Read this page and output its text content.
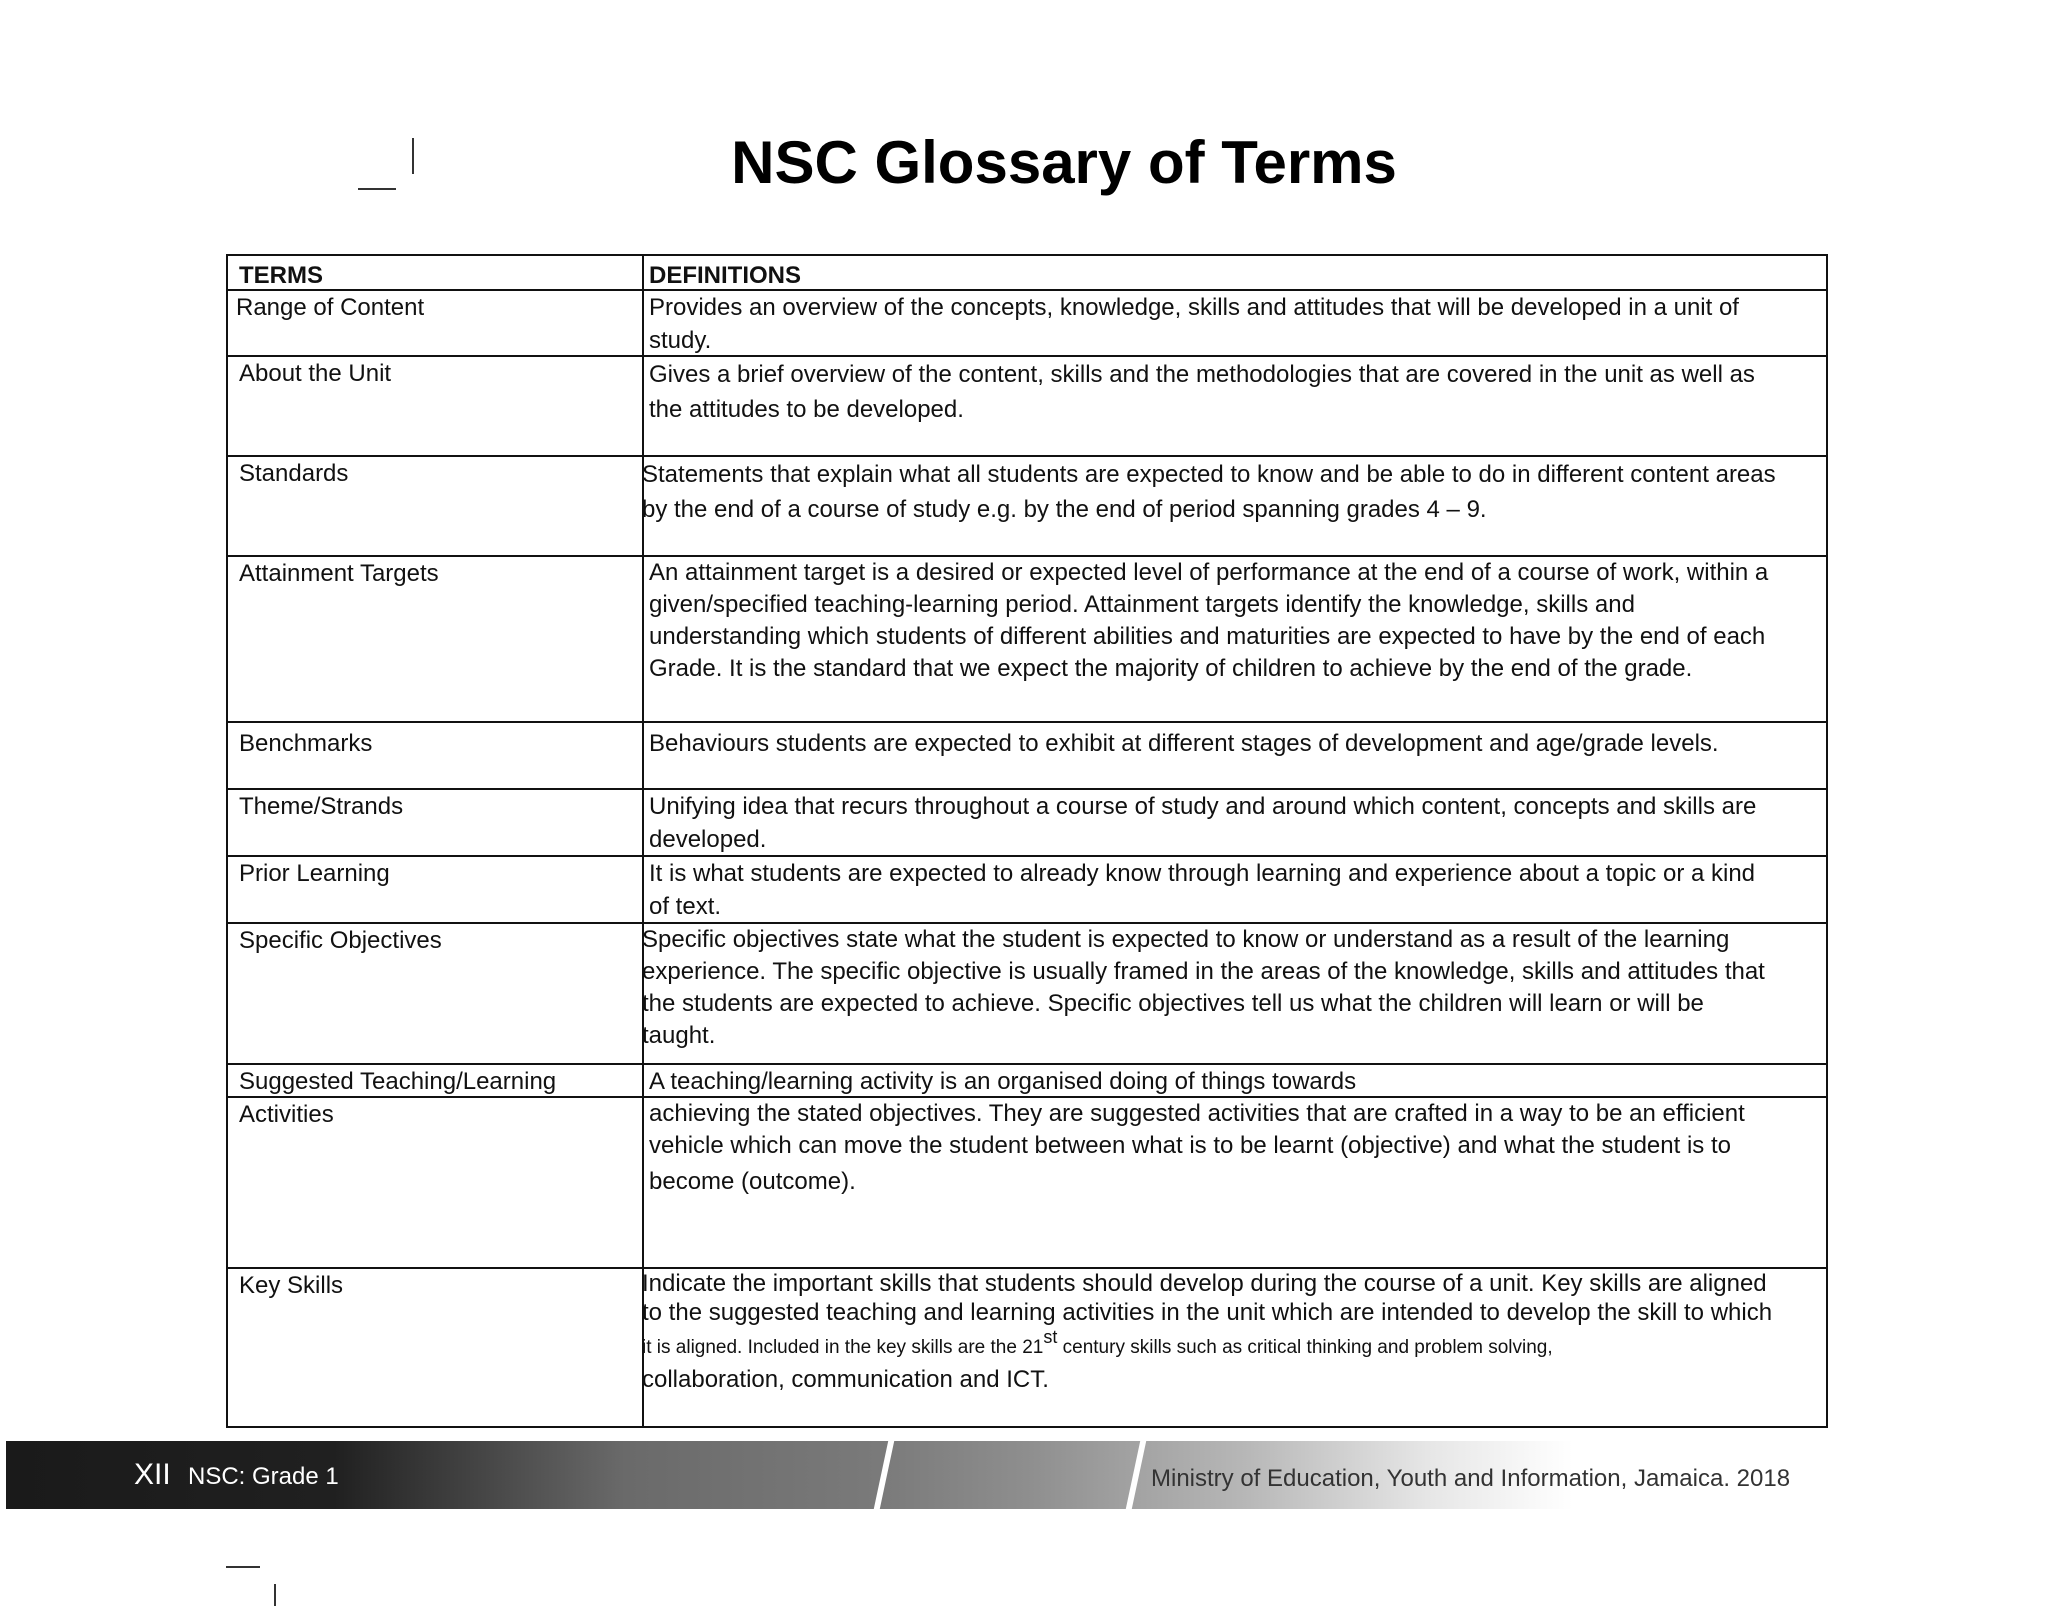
NSC Glossary of Terms
TERMS	DEFINITIONS
Range of Content	Provides an overview of the concepts, knowledge, skills and attitudes that will be developed in a unit of
study.
About the Unit	Gives a brief overview of the content, skills and the methodologies that are covered in the unit as well as
the attitudes to be developed.
Standards	Statements that explain what all students are expected to know and be able to do in different content areas
by the end of a course of study e.g. by the end of period spanning grades 4 – 9.
Attainment Targets	An attainment target is a desired or expected level of performance at the end of a course of work, within a
given/specified teaching-learning period. Attainment targets identify the knowledge, skills and
understanding which students of different abilities and maturities are expected to have by the end of each
Grade. It is the standard that we expect the majority of children to achieve by the end of the grade.
Benchmarks	Behaviours students are expected to exhibit at different stages of development and age/grade levels.
Theme/Strands	Unifying idea that recurs throughout a course of study and around which content, concepts and skills are
developed.
Prior Learning	It is what students are expected to already know through learning and experience about a topic or a kind
of text.
Specific Objectives	Specific objectives state what the student is expected to know or understand as a result of the learning
experience. The specific objective is usually framed in the areas of the knowledge, skills and attitudes that
the students are expected to achieve. Specific objectives tell us what the children will learn or will be
taught.
Suggested Teaching/Learning	A teaching/learning activity is an organised doing of things towards
Activities	achieving the stated objectives. They are suggested activities that are crafted in a way to be an efficient
vehicle which can move the student between what is to be learnt (objective) and what the student is to
become (outcome).
Key Skills	Indicate the important skills that students should develop during the course of a unit. Key skills are aligned
to the suggested teaching and learning activities in the unit which are intended to develop the skill to which
it is aligned. Included in the key skills are the 21st century skills such as critical thinking and problem solving,
collaboration, communication and ICT.
XII NSC: Grade 1	Ministry of Education, Youth and Information, Jamaica. 2018
